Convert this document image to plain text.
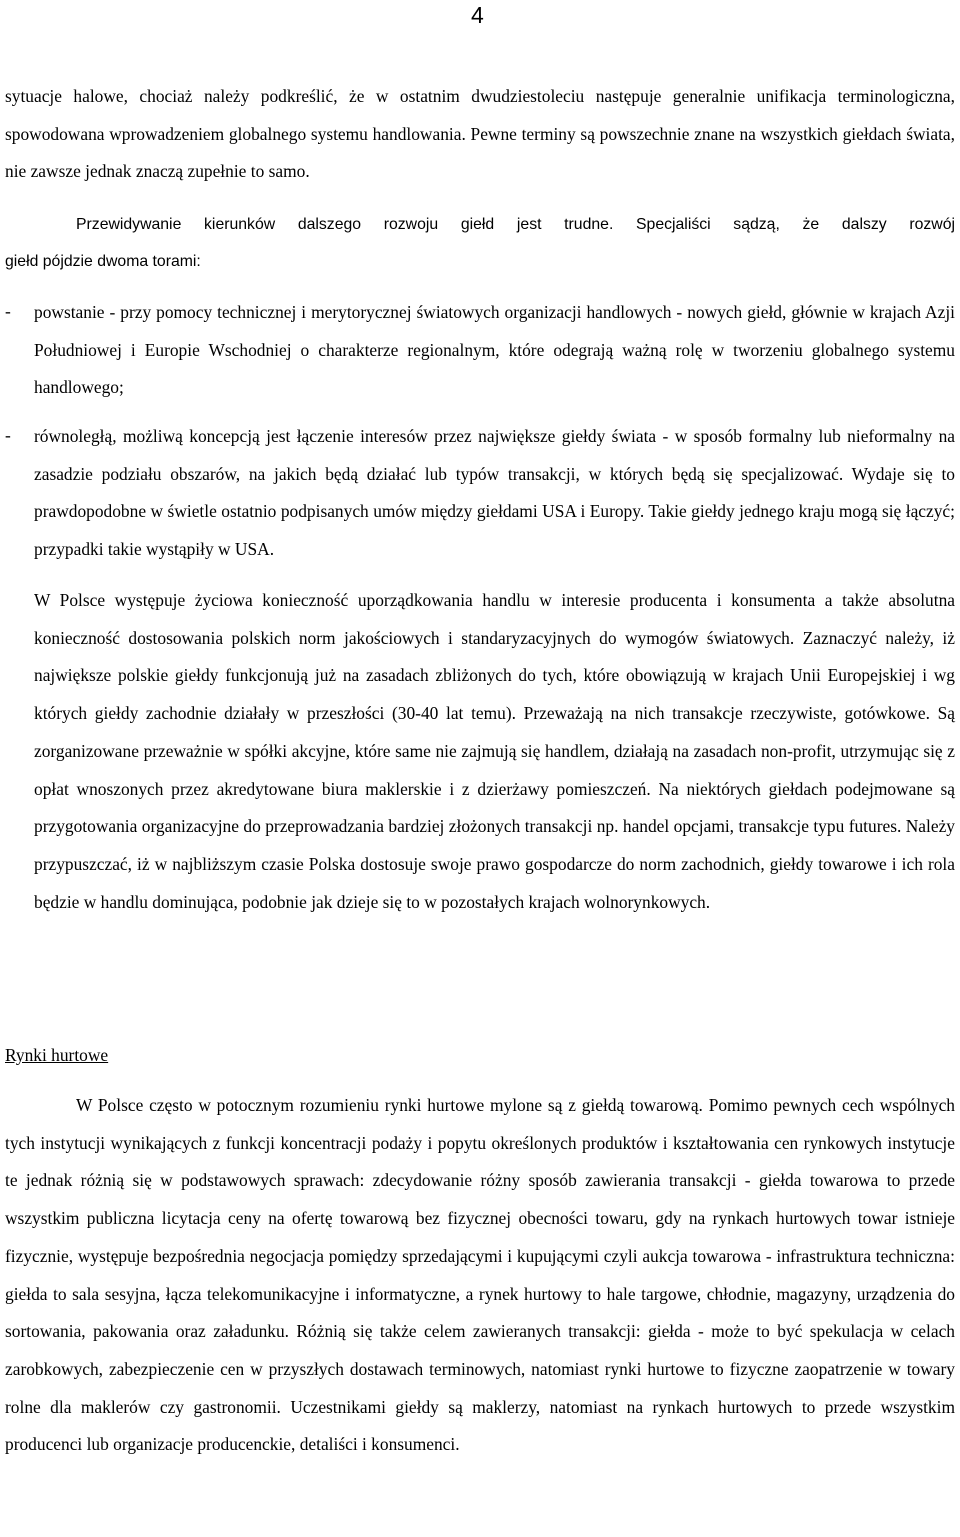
4

sytuacje halowe, chociaż należy podkreślić, że w ostatnim dwudziestoleciu następuje generalnie unifikacja terminologiczna, spowodowana wprowadzeniem globalnego systemu handlowania. Pewne terminy są powszechnie znane na wszystkich giełdach świata, nie zawsze jednak znaczą zupełnie to samo.

Przewidywanie kierunków dalszego rozwoju giełd jest trudne. Specjaliści sądzą, że dalszy rozwój

giełd pójdzie dwoma torami:

- powstanie - przy pomocy technicznej i merytorycznej światowych organizacji handlowych - nowych giełd, głównie w krajach Azji Południowej i Europie Wschodniej o charakterze regionalnym, które odegrają ważną rolę w tworzeniu globalnego systemu handlowego;

- równoległą, możliwą koncepcją jest łączenie interesów przez największe giełdy świata - w sposób formalny lub nieformalny na zasadzie podziału obszarów, na jakich będą działać lub typów transakcji, w których będą się specjalizować. Wydaje się to prawdopodobne w świetle ostatnio podpisanych umów między giełdami USA i Europy. Takie giełdy jednego kraju mogą się łączyć; przypadki takie wystąpiły w USA.

W Polsce występuje życiowa konieczność uporządkowania handlu w interesie producenta i konsumenta a także absolutna konieczność dostosowania polskich norm jakościowych i standaryzacyjnych do wymogów światowych. Zaznaczyć należy, iż największe polskie giełdy funkcjonują już na zasadach zbliżonych do tych, które obowiązują w krajach Unii Europejskiej i wg których giełdy zachodnie działały w przeszłości (30-40 lat temu). Przeważają na nich transakcje rzeczywiste, gotówkowe. Są zorganizowane przeważnie w spółki akcyjne, które same nie zajmują się handlem, działają na zasadach non-profit, utrzymując się z opłat wnoszonych przez akredytowane biura maklerskie i z dzierżawy pomieszczeń. Na niektórych giełdach podejmowane są przygotowania organizacyjne do przeprowadzania bardziej złożonych transakcji np. handel opcjami, transakcje typu futures. Należy przypuszczać, iż w najbliższym czasie Polska dostosuje swoje prawo gospodarcze do norm zachodnich, giełdy towarowe i ich rola będzie w handlu dominująca, podobnie jak dzieje się to w pozostałych krajach wolnorynkowych.

Rynki hurtowe

W Polsce często w potocznym rozumieniu rynki hurtowe mylone są z giełdą towarową. Pomimo pewnych cech wspólnych tych instytucji wynikających z funkcji koncentracji podaży i popytu określonych produktów i kształtowania cen rynkowych instytucje te jednak różnią się w podstawowych sprawach: zdecydowanie różny sposób zawierania transakcji - giełda towarowa to przede wszystkim publiczna licytacja ceny na ofertę towarową bez fizycznej obecności towaru, gdy na rynkach hurtowych towar istnieje fizycznie, występuje bezpośrednia negocjacja pomiędzy sprzedającymi i kupującymi czyli aukcja towarowa - infrastruktura techniczna: giełda to sala sesyjna, łącza telekomunikacyjne i informatyczne, a rynek hurtowy to hale targowe, chłodnie, magazyny, urządzenia do sortowania, pakowania oraz załadunku. Różnią się także celem zawieranych transakcji: giełda - może to być spekulacja w celach zarobkowych, zabezpieczenie cen w przyszłych dostawach terminowych, natomiast rynki hurtowe to fizyczne zaopatrzenie w towary rolne dla maklerów czy gastronomii. Uczestnikami giełdy są maklerzy, natomiast na rynkach hurtowych to przede wszystkim producenci lub organizacje producenckie, detaliści i konsumenci.
